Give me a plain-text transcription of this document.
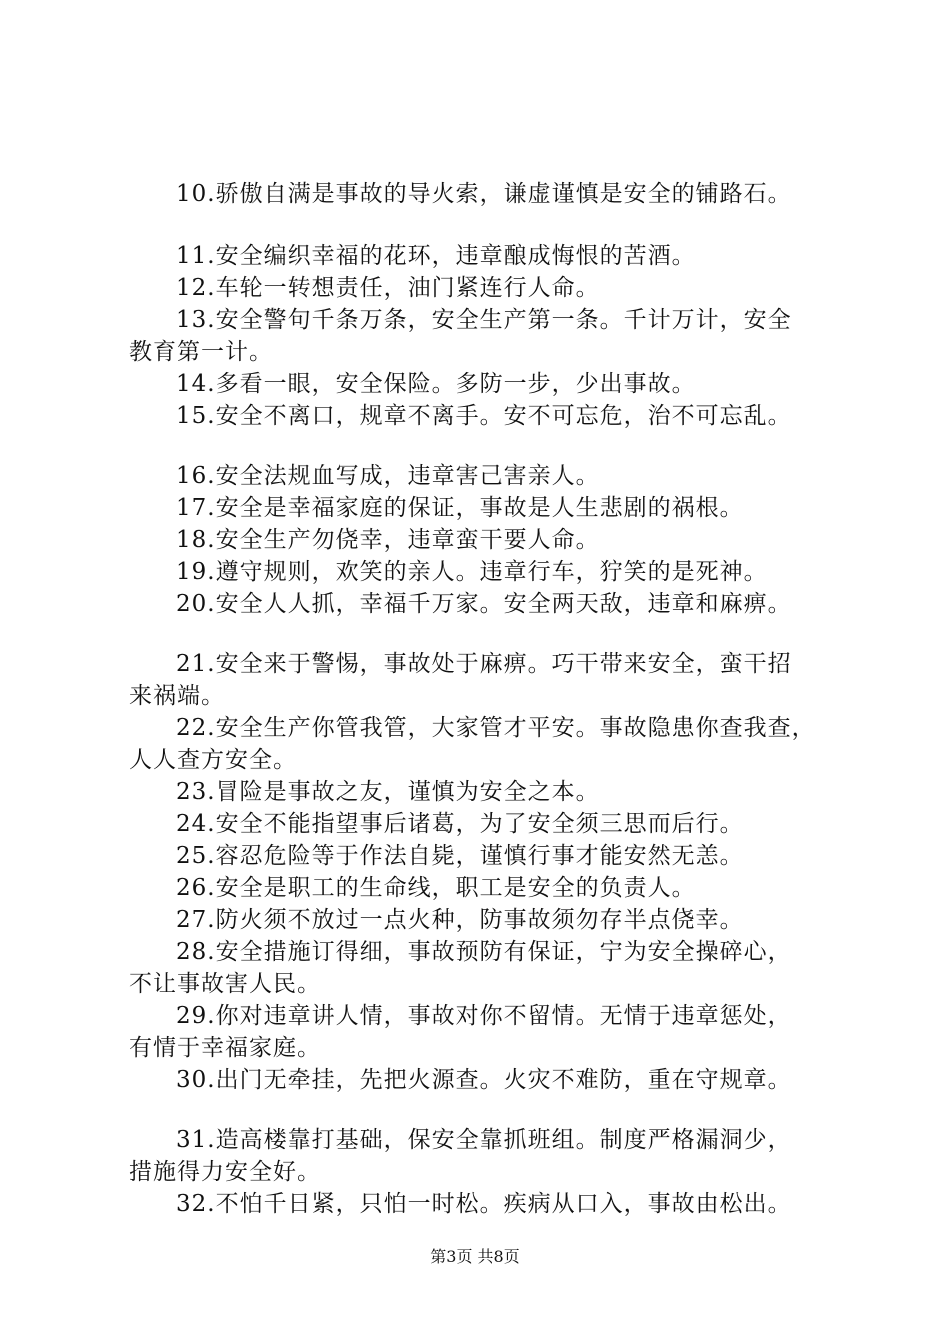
10.骄傲自满是事故的导火索，谦虚谨慎是安全的铺路石。

11.安全编织幸福的花环，违章酿成悔恨的苦酒。

12.车轮一转想责任，油门紧连行人命。

13.安全警句千条万条，安全生产第一条。千计万计，安全
教育第一计。

14.多看一眼，安全保险。多防一步，少出事故。

15.安全不离口，规章不离手。安不可忘危，治不可忘乱。

16.安全法规血写成，违章害己害亲人。

17.安全是幸福家庭的保证，事故是人生悲剧的祸根。

18.安全生产勿侥幸，违章蛮干要人命。

19.遵守规则，欢笑的亲人。违章行车，狞笑的是死神。

20.安全人人抓，幸福千万家。安全两天敌，违章和麻痹。

21.安全来于警惕，事故处于麻痹。巧干带来安全，蛮干招
来祸端。

22.安全生产你管我管，大家管才平安。事故隐患你查我查，
人人查方安全。

23.冒险是事故之友，谨慎为安全之本。

24.安全不能指望事后诸葛，为了安全须三思而后行。

25.容忍危险等于作法自毙，谨慎行事才能安然无恙。

26.安全是职工的生命线，职工是安全的负责人。

27.防火须不放过一点火种，防事故须勿存半点侥幸。

28.安全措施订得细，事故预防有保证，宁为安全操碎心，
不让事故害人民。

29.你对违章讲人情，事故对你不留情。无情于违章惩处，
有情于幸福家庭。

30.出门无牵挂，先把火源查。火灾不难防，重在守规章。

31.造高楼靠打基础，保安全靠抓班组。制度严格漏洞少，
措施得力安全好。

32.不怕千日紧，只怕一时松。疾病从口入，事故由松出。

第3页 共8页
